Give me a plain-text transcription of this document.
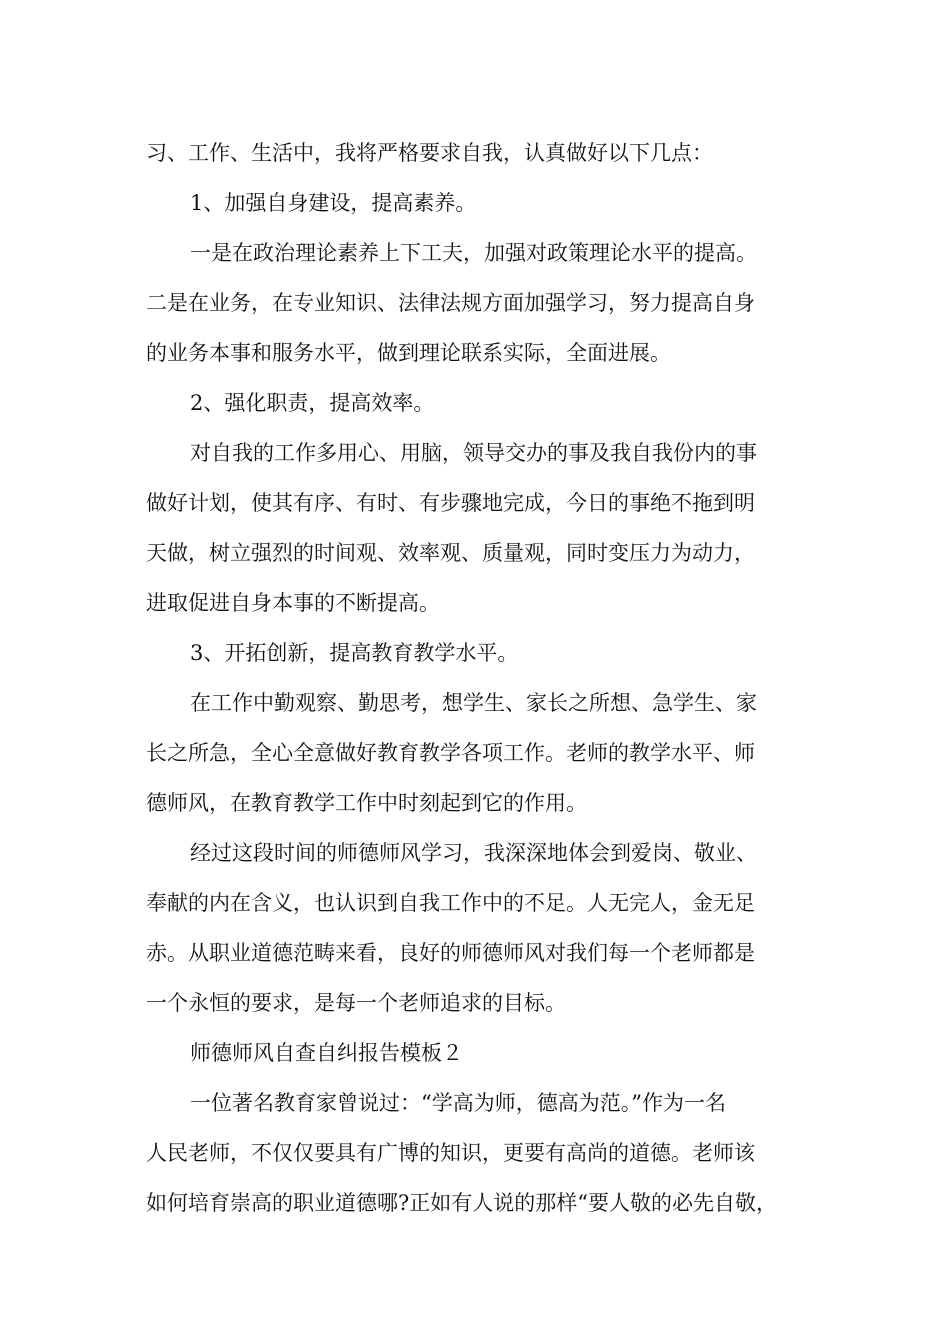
习、工作、生活中，我将严格要求自我，认真做好以下几点：
1、加强自身建设，提高素养。
一是在政治理论素养上下工夫，加强对政策理论水平的提高。
二是在业务，在专业知识、法律法规方面加强学习，努力提高自身
的业务本事和服务水平，做到理论联系实际，全面进展。
2、强化职责，提高效率。
对自我的工作多用心、用脑，领导交办的事及我自我份内的事
做好计划，使其有序、有时、有步骤地完成，今日的事绝不拖到明
天做，树立强烈的时间观、效率观、质量观，同时变压力为动力，
进取促进自身本事的不断提高。
3、开拓创新，提高教育教学水平。
在工作中勤观察、勤思考，想学生、家长之所想、急学生、家
长之所急，全心全意做好教育教学各项工作。老师的教学水平、师
德师风，在教育教学工作中时刻起到它的作用。
经过这段时间的师德师风学习，我深深地体会到爱岗、敬业、
奉献的内在含义，也认识到自我工作中的不足。人无完人，金无足
赤。从职业道德范畴来看，良好的师德师风对我们每一个老师都是
一个永恒的要求，是每一个老师追求的目标。
师德师风自查自纠报告模板２
一位著名教育家曾说过：“学高为师，德高为范。”作为一名
人民老师，不仅仅要具有广博的知识，更要有高尚的道德。老师该
如何培育崇高的职业道德哪?正如有人说的那样“要人敬的必先自敬，
